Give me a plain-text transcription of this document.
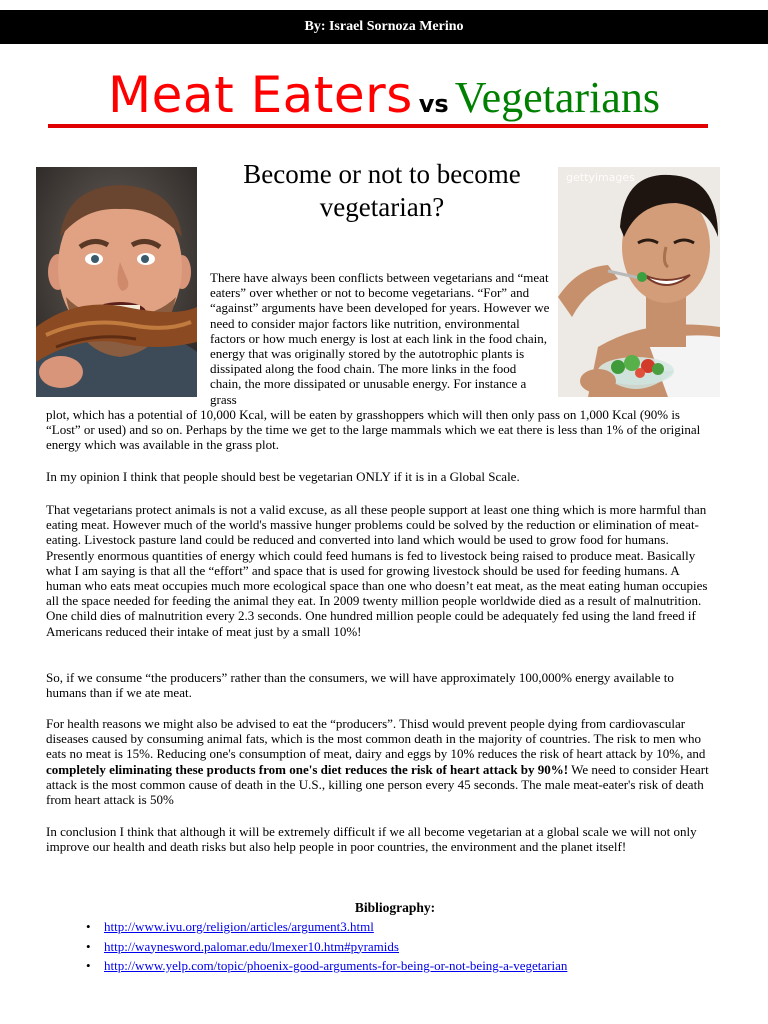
By: Israel Sornoza Merino
Meat Eaters vs Vegetarians
Become or not to become vegetarian?
gettyimages
There have always been conflicts between vegetarians and “meat eaters” over whether or not to become vegetarians. “For” and “against” arguments have been developed for years. However we need to consider major factors like nutrition, environmental factors or how much energy is lost at each link in the food chain, energy that was originally stored by the autotrophic plants is dissipated along the food chain. The more links in the food chain, the more dissipated or unusable energy. For instance a grass
plot, which has a potential of 10,000 Kcal, will be eaten by grasshoppers which will then only pass on 1,000 Kcal (90% is “Lost” or used) and so on. Perhaps by the time we get to the large mammals which we eat there is less than 1% of the original energy which was available in the grass plot.
In my opinion I think that people should best be vegetarian ONLY if it is in a Global Scale.
That vegetarians protect animals is not a valid excuse, as all these people support at least one thing which is more harmful than eating meat. However much of the world's massive hunger problems could be solved by the reduction or elimination of meat-eating. Livestock pasture land could be reduced and converted into land which would be used to grow food for humans. Presently enormous quantities of energy which could feed humans is fed to livestock being raised to produce meat. Basically what I am saying is that all the “effort” and space that is used for growing livestock should be used for feeding humans. A human who eats meat occupies much more ecological space than one who doesn’t eat meat, as the meat eating human occupies all the space needed for feeding the animal they eat. In 2009 twenty million people worldwide died as a result of malnutrition. One child dies of malnutrition every 2.3 seconds. One hundred million people could be adequately fed using the land freed if Americans reduced their intake of meat just by a small 10%!
So, if we consume “the producers” rather than the consumers, we will have approximately 100,000% energy available to humans than if we ate meat.
For health reasons we might also be advised to eat the “producers”. Thisd would prevent people dying from cardiovascular diseases caused by consuming animal fats, which is the most common death in the majority of countries. The risk to men who eats no meat is 15%. Reducing one's consumption of meat, dairy and eggs by 10% reduces the risk of heart attack by 10%, and completely eliminating these products from one's diet reduces the risk of heart attack by 90%! We need to consider Heart attack is the most common cause of death in the U.S., killing one person every 45 seconds. The male meat-eater's risk of death from heart attack is 50%
In conclusion I think that although it will be extremely difficult if we all become vegetarian at a global scale we will not only improve our health and death risks but also help people in poor countries, the environment and the planet itself!
Bibliography:
• http://www.ivu.org/religion/articles/argument3.html
• http://waynesword.palomar.edu/lmexer10.htm#pyramids
• http://www.yelp.com/topic/phoenix-good-arguments-for-being-or-not-being-a-vegetarian
